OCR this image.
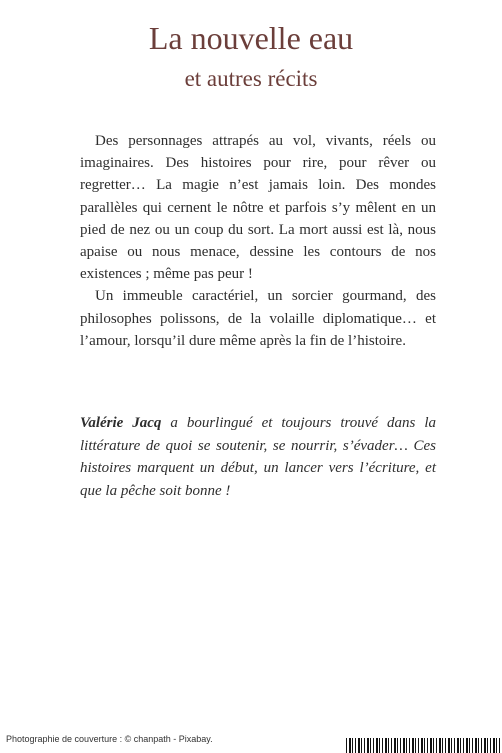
La nouvelle eau
et autres récits

Des personnages attrapés au vol, vivants, réels ou imaginaires. Des histoires pour rire, pour rêver ou regretter… La magie n’est jamais loin. Des mondes parallèles qui cernent le nôtre et parfois s’y mêlent en un pied de nez ou un coup du sort. La mort aussi est là, nous apaise ou nous menace, dessine les contours de nos existences ; même pas peur !

Un immeuble caractériel, un sorcier gourmand, des philosophes polissons, de la volaille diplomatique… et l’amour, lorsqu’il dure même après la fin de l’histoire.

Valérie Jacq a bourlingué et toujours trouvé dans la littérature de quoi se soutenir, se nourrir, s’évader… Ces histoires marquent un début, un lancer vers l’écriture, et que la pêche soit bonne !
Photographie de couverture : © chanpath - Pixabay.
